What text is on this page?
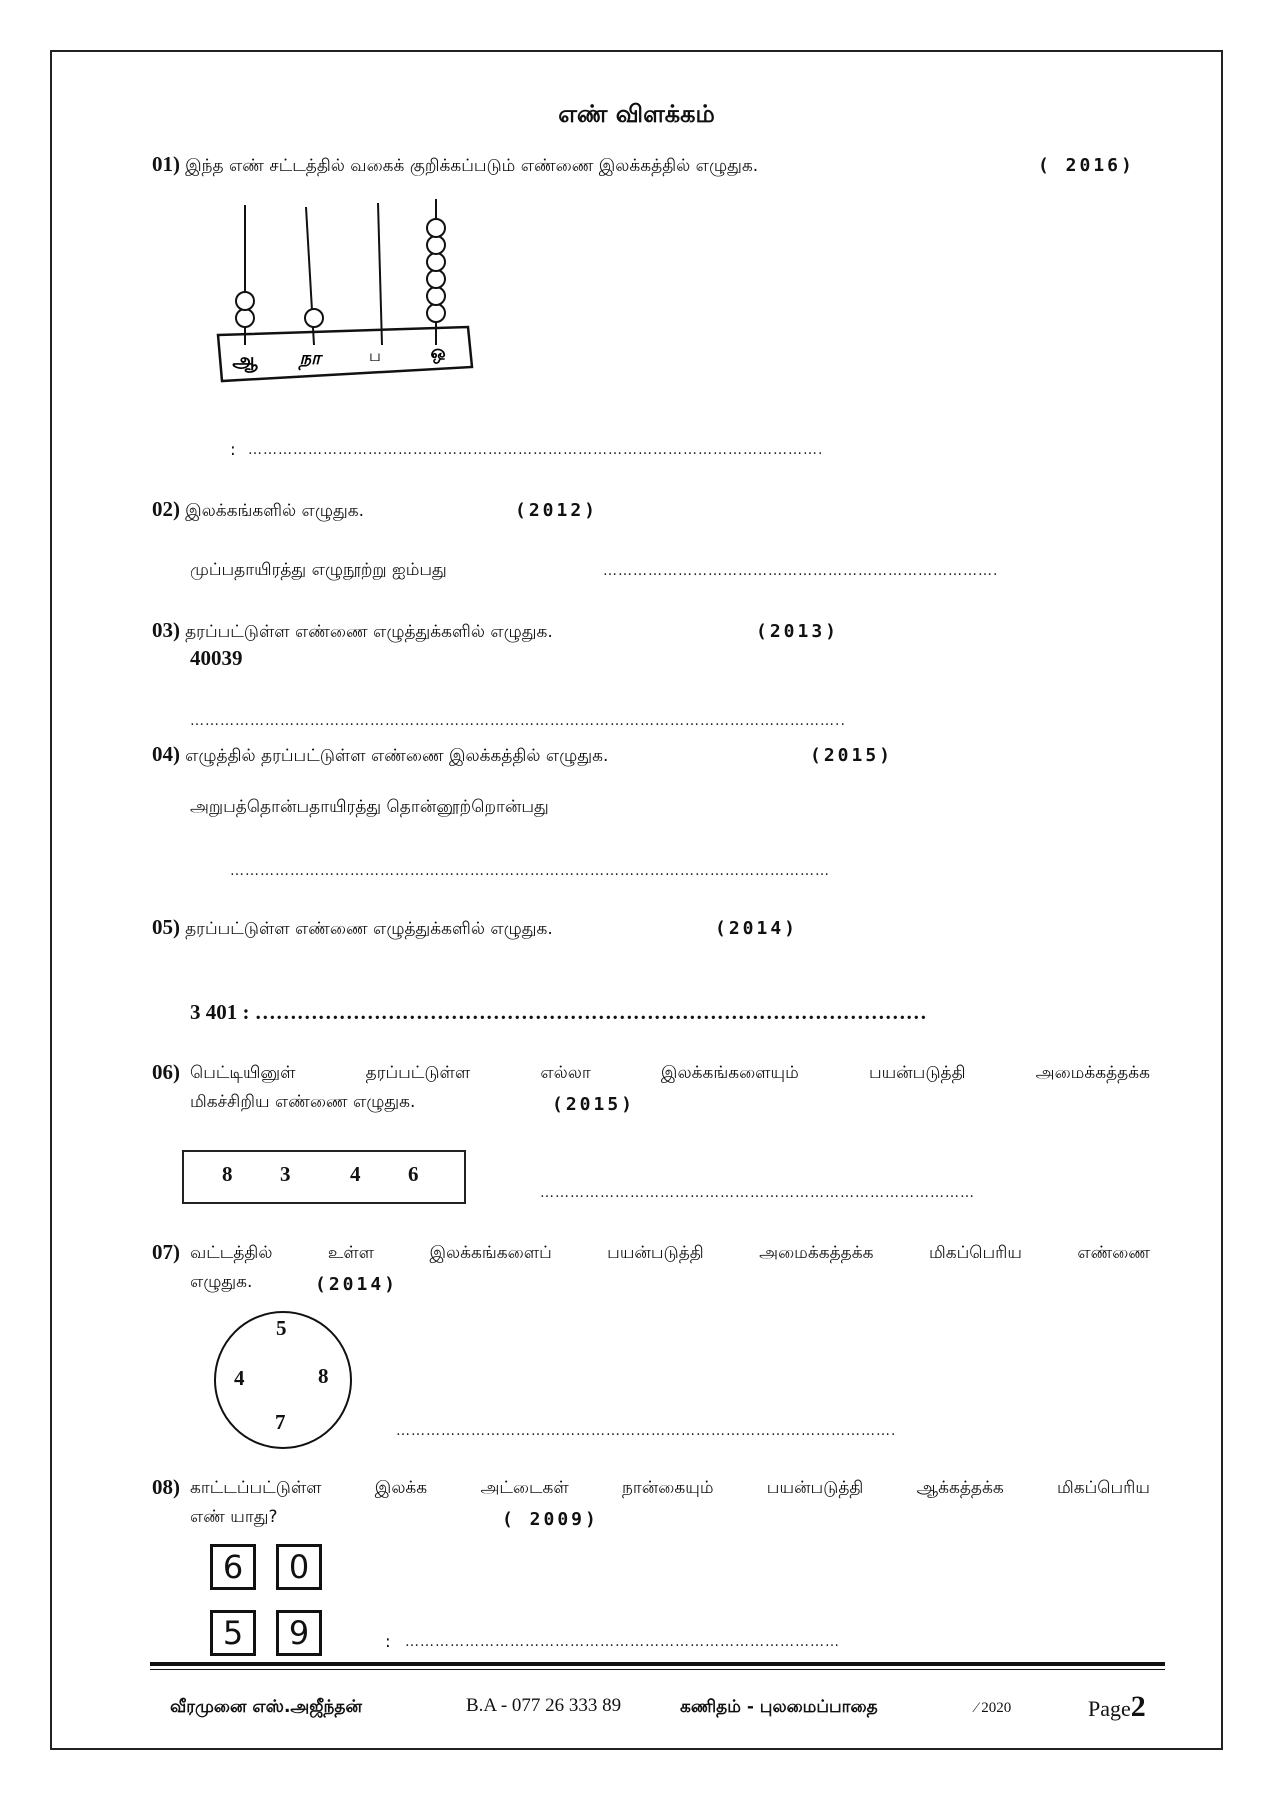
எண் விளக்கம்
01) இந்த எண் சட்டத்தில் வகைக் குறிக்கப்படும் எண்ணை இலக்கத்தில் எழுதுக.	( 2016)
ஆ நா	ப	ஒ
: …………………………………………………………………………………………………….
02) இலக்கங்களில் எழுதுக.	(2012)
முப்பதாயிரத்து எழுநூற்று ஐம்பது	…………………………………………………………………….
03) தரப்பட்டுள்ள எண்ணை எழுத்துக்களில் எழுதுக.	(2013)
40039
…………………………………………………………………………………………………………………..
04) எழுத்தில் தரப்பட்டுள்ள எண்ணை இலக்கத்தில் எழுதுக.	(2015)
அறுபத்தொன்பதாயிரத்து தொன்னூற்றொன்பது
…………………………………………………………………………………………………………
05) தரப்பட்டுள்ள எண்ணை எழுத்துக்களில் எழுதுக.	(2014)
3 401 : ……………………………………………………………………………………
06) பெட்டியினுள் தரப்பட்டுள்ள எல்லா இலக்கங்களையும் பயன்படுத்தி அமைக்கத்தக்க
மிகச்சிறிய எண்ணை எழுதுக.	(2015)
8 3	4 6
……………………………………………………………………………
07) வட்டத்தில் உள்ள இலக்கங்களைப் பயன்படுத்தி அமைக்கத்தக்க மிகப்பெரிய எண்ணை
எழுதுக.	(2014)
5
4	8
7	……………………………………………………………………………………….
08) காட்டப்பட்டுள்ள இலக்க அட்டைகள் நான்கையும் பயன்படுத்தி ஆக்கத்தக்க மிகப்பெரிய
எண் யாது?	( 2009)
6	0
5	9	: ……………………………………………………………………………
வீரமுனை எஸ்.அஜீந்தன்	B.A - 077 26 333 89	கணிதம் - புலமைப்பாதை	⁄ 2020	Page2
